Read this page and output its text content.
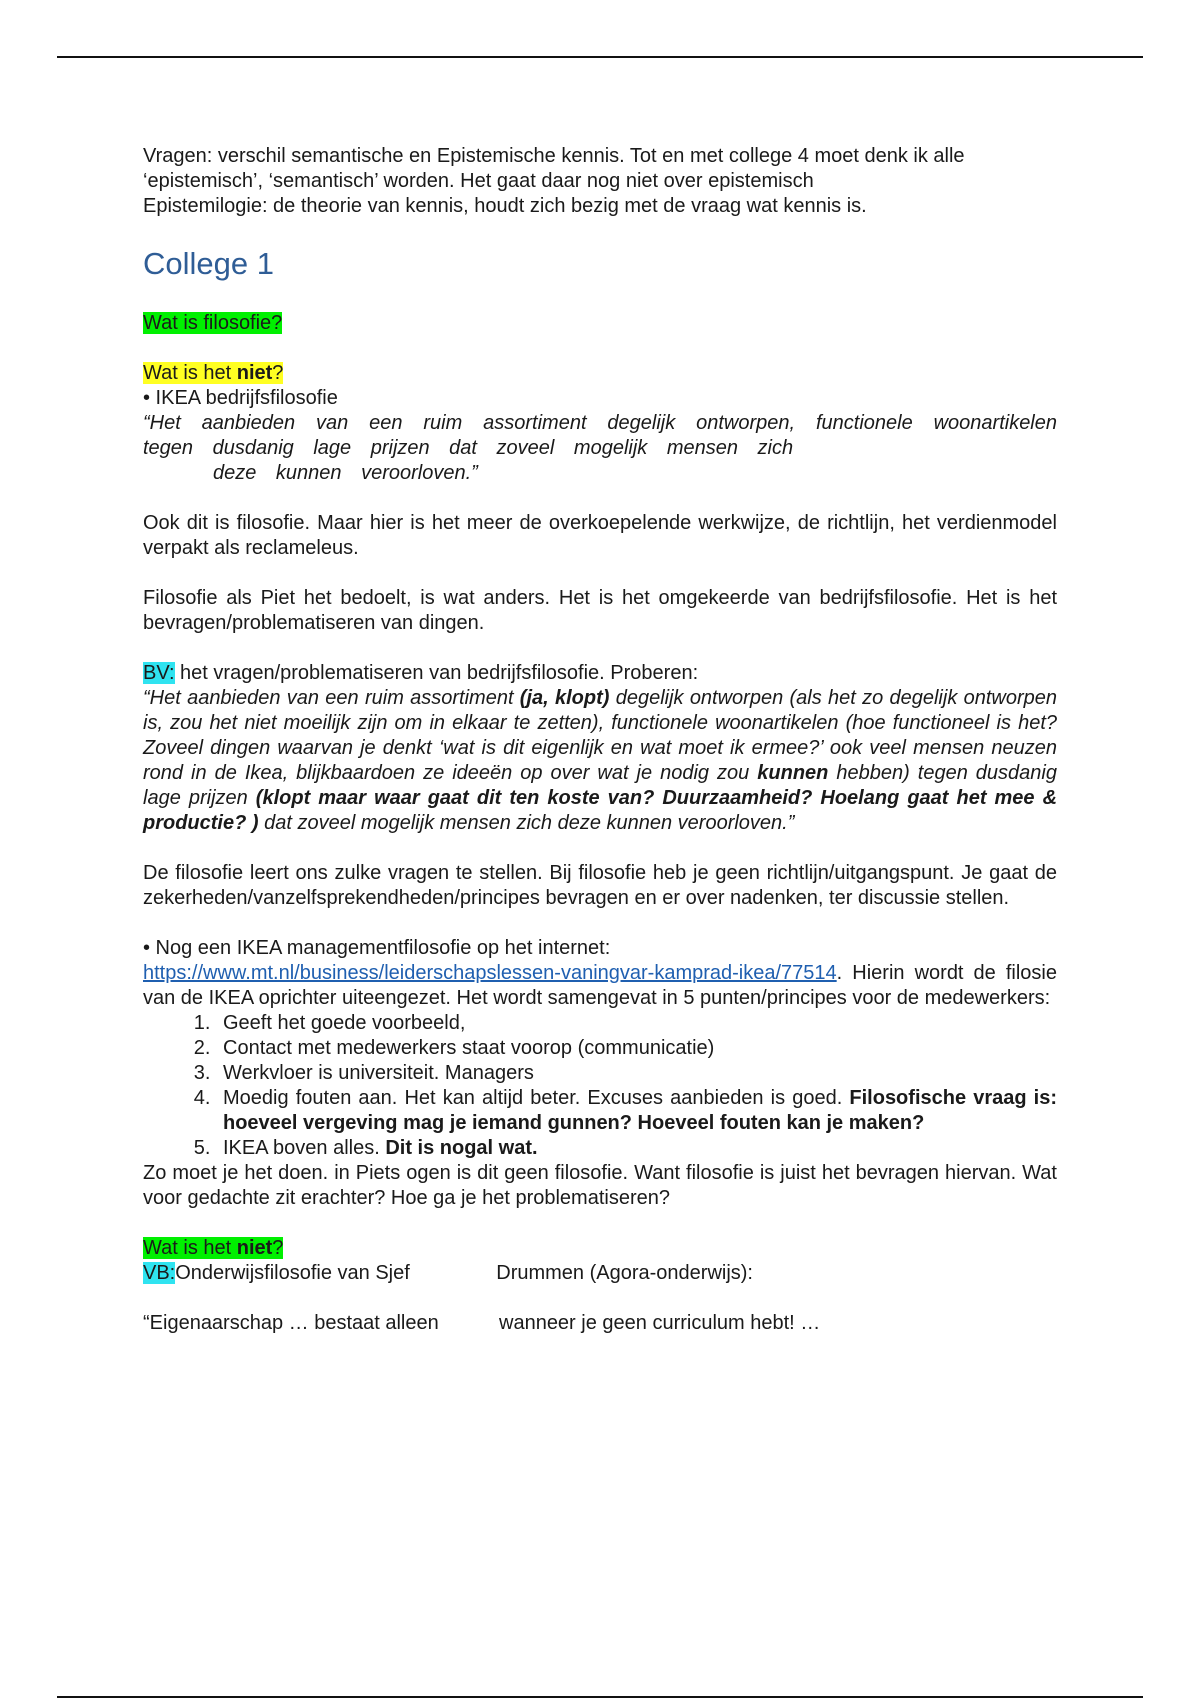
Vragen: verschil semantische en Epistemische kennis. Tot en met college 4 moet denk ik alle ‘epistemisch’, ‘semantisch’ worden. Het gaat daar nog niet over epistemisch
Epistemilogie: de theorie van kennis, houdt zich bezig met de vraag wat kennis is.

College 1

Wat is filosofie?

Wat is het niet?

• IKEA bedrijfsfilosofie

“Het aanbieden van een ruim assortiment degelijk ontworpen, functionele woonartikelen tegen dusdanig lage prijzen dat zoveel mogelijk mensen zich

deze kunnen veroorloven.”

Ook dit is filosofie. Maar hier is het meer de overkoepelende werkwijze, de richtlijn, het verdienmodel verpakt als reclameleus.

Filosofie als Piet het bedoelt, is wat anders. Het is het omgekeerde van bedrijfsfilosofie. Het is het bevragen/problematiseren van dingen.

BV: het vragen/problematiseren van bedrijfsfilosofie. Proberen:

“Het aanbieden van een ruim assortiment (ja, klopt) degelijk ontworpen (als het zo degelijk ontworpen is, zou het niet moeilijk zijn om in elkaar te zetten), functionele woonartikelen (hoe functioneel is het? Zoveel dingen waarvan je denkt ‘wat is dit eigenlijk en wat moet ik ermee?’ ook veel mensen neuzen rond in de Ikea, blijkbaardoen ze ideeën op over wat je nodig zou kunnen hebben) tegen dusdanig lage prijzen (klopt maar waar gaat dit ten koste van? Duurzaamheid? Hoelang gaat het mee & productie? ) dat zoveel mogelijk mensen zich deze kunnen veroorloven.”

De filosofie leert ons zulke vragen te stellen. Bij filosofie heb je geen richtlijn/uitgangspunt. Je gaat de zekerheden/vanzelfsprekendheden/principes bevragen en er over nadenken, ter discussie stellen.

• Nog een IKEA managementfilosofie op het internet:

https://www.mt.nl/business/leiderschapslessen-vaningvar-kamprad-ikea/77514. Hierin wordt de filosie van de IKEA oprichter uiteengezet. Het wordt samengevat in 5 punten/principes voor de medewerkers:

1. Geeft het goede voorbeeld,
2. Contact met medewerkers staat voorop (communicatie)
3. Werkvloer is universiteit. Managers
4. Moedig fouten aan. Het kan altijd beter. Excuses aanbieden is goed. Filosofische vraag is: hoeveel vergeving mag je iemand gunnen? Hoeveel fouten kan je maken?
5. IKEA boven alles. Dit is nogal wat.

Zo moet je het doen. in Piets ogen is dit geen filosofie. Want filosofie is juist het bevragen hiervan. Wat voor gedachte zit erachter? Hoe ga je het problematiseren?

Wat is het niet?

VB:Onderwijsfilosofie van Sjef	Drummen (Agora-onderwijs):

“Eigenaarschap … bestaat alleen	wanneer je geen curriculum hebt! …
